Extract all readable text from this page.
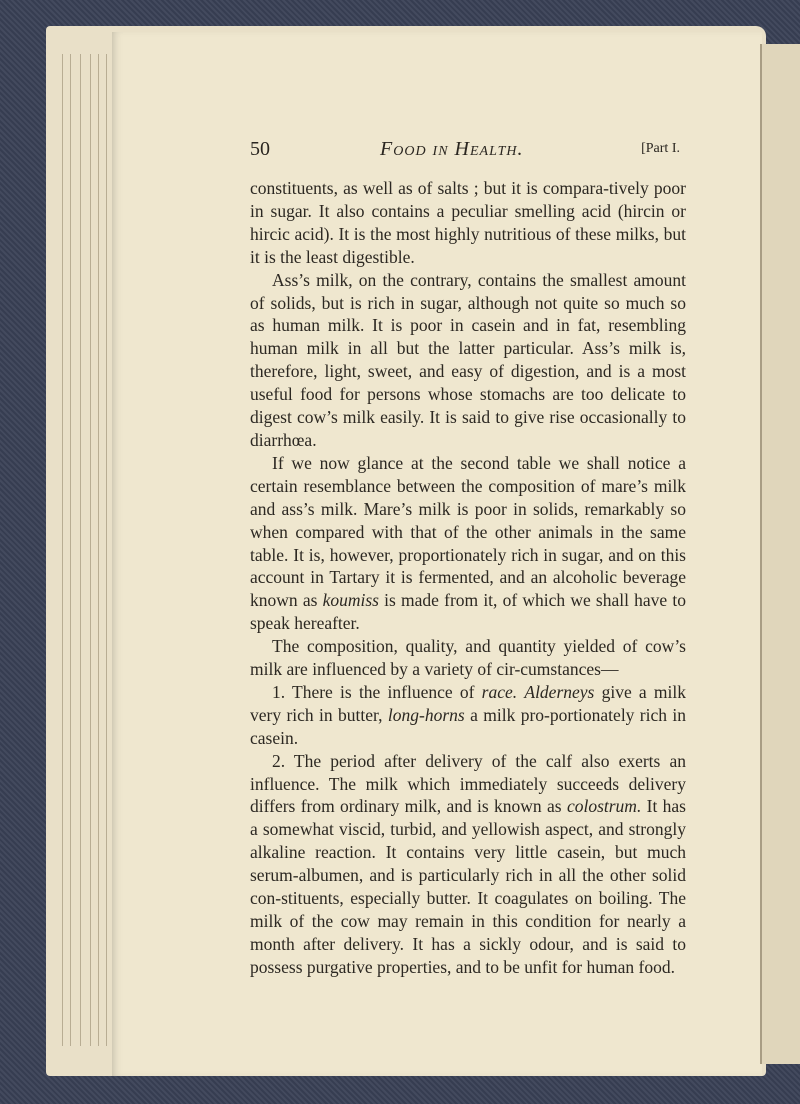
50	Food in Health.	[Part I.

constituents, as well as of salts ; but it is compara-tively poor in sugar. It also contains a peculiar smelling acid (hircin or hircic acid). It is the most highly nutritious of these milks, but it is the least digestible.

Ass’s milk, on the contrary, contains the smallest amount of solids, but is rich in sugar, although not quite so much so as human milk. It is poor in casein and in fat, resembling human milk in all but the latter particular. Ass’s milk is, therefore, light, sweet, and easy of digestion, and is a most useful food for persons whose stomachs are too delicate to digest cow’s milk easily. It is said to give rise occasionally to diarrhœa.

If we now glance at the second table we shall notice a certain resemblance between the composition of mare’s milk and ass’s milk. Mare’s milk is poor in solids, remarkably so when compared with that of the other animals in the same table. It is, however, proportionately rich in sugar, and on this account in Tartary it is fermented, and an alcoholic beverage known as koumiss is made from it, of which we shall have to speak hereafter.

The composition, quality, and quantity yielded of cow’s milk are influenced by a variety of cir-cumstances—

1. There is the influence of race. Alderneys give a milk very rich in butter, long-horns a milk pro-portionately rich in casein.

2. The period after delivery of the calf also exerts an influence. The milk which immediately succeeds delivery differs from ordinary milk, and is known as colostrum. It has a somewhat viscid, turbid, and yellowish aspect, and strongly alkaline reaction. It contains very little casein, but much serum-albumen, and is particularly rich in all the other solid con-stituents, especially butter. It coagulates on boiling. The milk of the cow may remain in this condition for nearly a month after delivery. It has a sickly odour, and is said to possess purgative properties, and to be unfit for human food.
